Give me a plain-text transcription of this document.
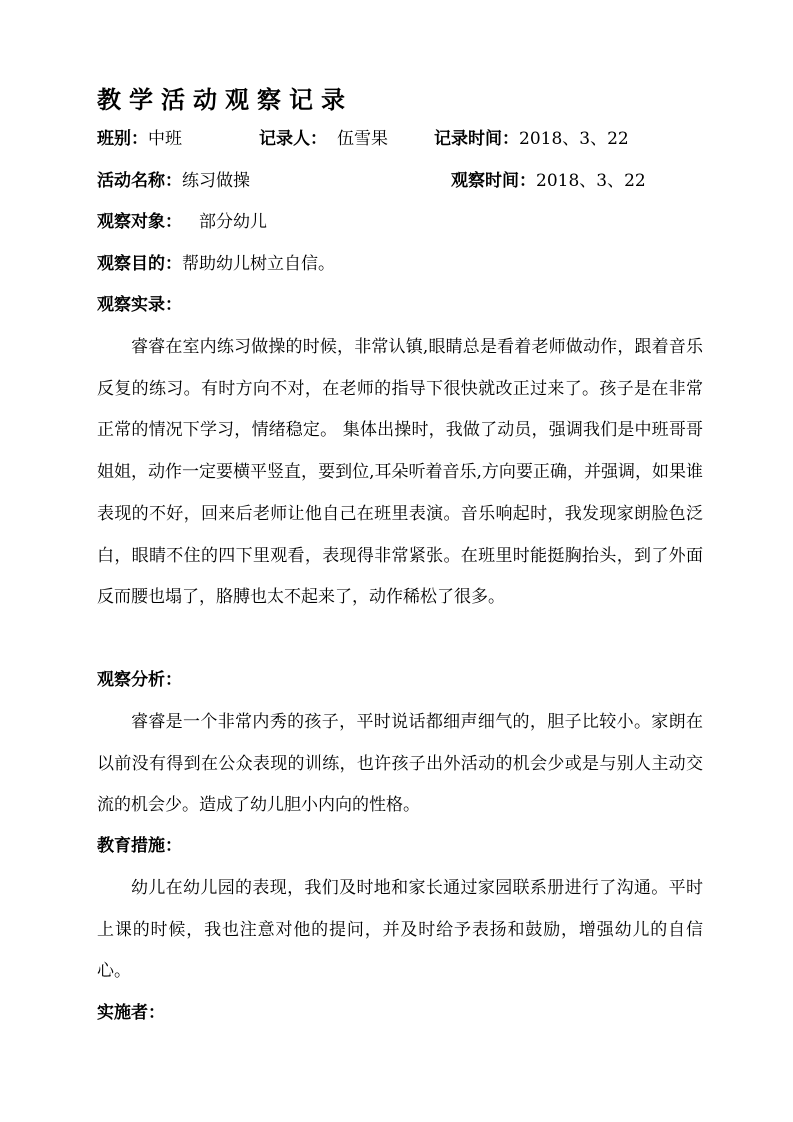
教学活动观察记录
班别：中班	记录人： 伍雪果	记录时间：2018、3、22
活动名称：练习做操	观察时间：2018、3、22
观察对象： 部分幼儿
观察目的：帮助幼儿树立自信。
观察实录：

睿睿在室内练习做操的时候，非常认镇,眼睛总是看着老师做动作，跟着音乐反复的练习。有时方向不对，在老师的指导下很快就改正过来了。孩子是在非常正常的情况下学习，情绪稳定。 集体出操时，我做了动员，强调我们是中班哥哥姐姐，动作一定要横平竖直，要到位,耳朵听着音乐,方向要正确，并强调，如果谁表现的不好，回来后老师让他自己在班里表演。音乐响起时，我发现家朗脸色泛白，眼睛不住的四下里观看，表现得非常紧张。在班里时能挺胸抬头，到了外面反而腰也塌了，胳膊也太不起来了，动作稀松了很多。

观察分析：

睿睿是一个非常内秀的孩子，平时说话都细声细气的，胆子比较小。家朗在以前没有得到在公众表现的训练，也许孩子出外活动的机会少或是与别人主动交流的机会少。造成了幼儿胆小内向的性格。

教育措施：

幼儿在幼儿园的表现，我们及时地和家长通过家园联系册进行了沟通。平时上课的时候，我也注意对他的提问，并及时给予表扬和鼓励，增强幼儿的自信心。

实施者：
